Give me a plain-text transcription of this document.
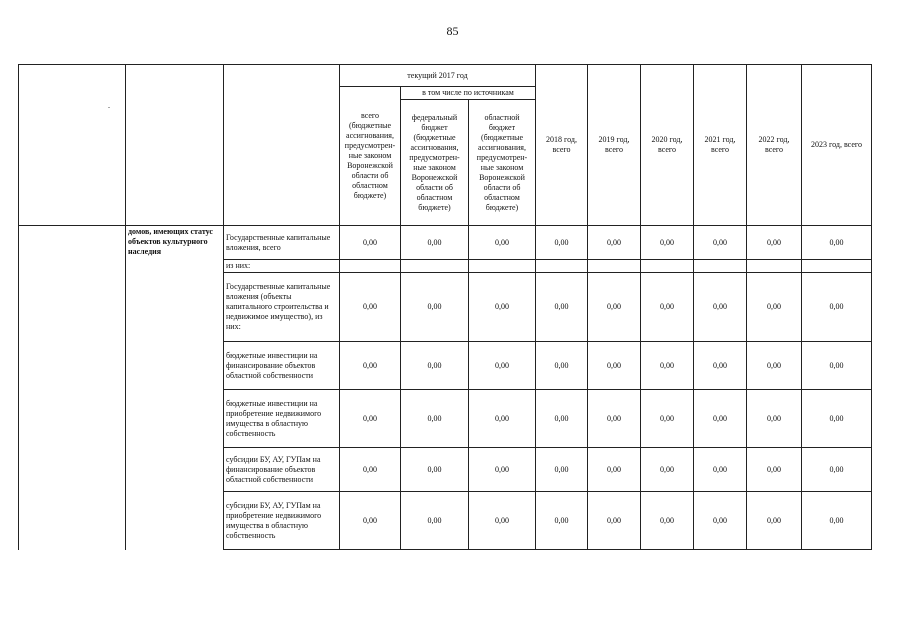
85
			текущий 2017 год			2018 год, всего	2019 год, всего	2020 год, всего	2021 год, всего	2022 год, всего	2023 год, всего
			всего (бюджетные ассигнования, предусмотрен-ные законом Воронежской области об областном бюджете)	в том числе по источникам							
	.			федеральный бюджет (бюджетные ассигнования, предусмотрен-ные законом Воронежской области об областном бюджете)	областной бюджет (бюджетные ассигнования, предусмотрен-ные законом Воронежской области об областном бюджете)						
	домов, имеющих статус объектов культурного наследия	Государственные капитальные вложения, всего	0,00	0,00	0,00	0,00	0,00	0,00	0,00	0,00	0,00
		из них:									
		Государственные капитальные вложения (объекты капитального строительства и недвижимое имущество), из них:	0,00	0,00	0,00	0,00	0,00	0,00	0,00	0,00	0,00
		бюджетные инвестиции на финансирование объектов областной собственности	0,00	0,00	0,00	0,00	0,00	0,00	0,00	0,00	0,00
		бюджетные инвестиции на приобретение недвижимого имущества в областную собственность	0,00	0,00	0,00	0,00	0,00	0,00	0,00	0,00	0,00
		субсидии БУ, АУ, ГУПам на финансирование объектов областной собственности	0,00	0,00	0,00	0,00	0,00	0,00	0,00	0,00	0,00
		субсидии БУ, АУ, ГУПам на приобретение недвижимого имущества в областную собственность	0,00	0,00	0,00	0,00	0,00	0,00	0,00	0,00	0,00
